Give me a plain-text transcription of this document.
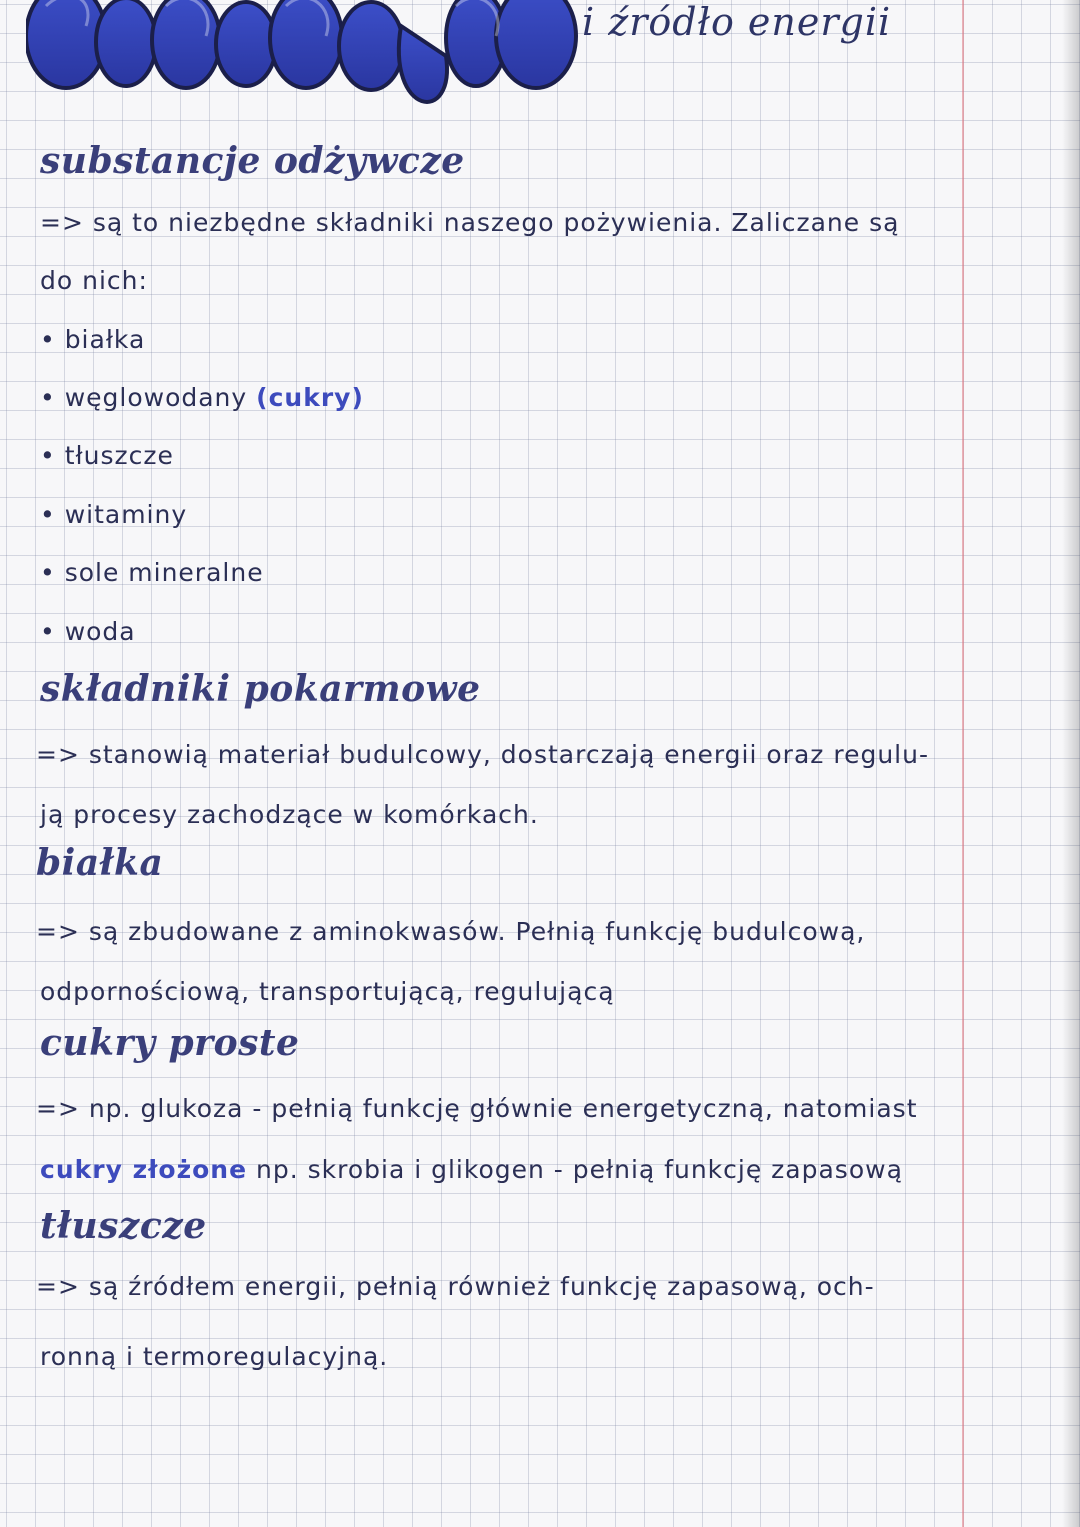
i źródło energii
substancje odżywcze
=> są to niezbędne składniki naszego pożywienia. Zaliczane są
do nich:
• białka
• węglowodany (cukry)
• tłuszcze
• witaminy
• sole mineralne
• woda
składniki pokarmowe
=> stanowią materiał budulcowy, dostarczają energii oraz regulu-
ją procesy zachodzące w komórkach.
białka
=> są zbudowane z aminokwasów. Pełnią funkcję budulcową,
odpornościową, transportującą, regulującą
cukry proste
=> np. glukoza - pełnią funkcję głównie energetyczną, natomiast
cukry złożone np. skrobia i glikogen - pełnią funkcję zapasową
tłuszcze
=> są źródłem energii, pełnią również funkcję zapasową, och-
ronną i termoregulacyjną.
